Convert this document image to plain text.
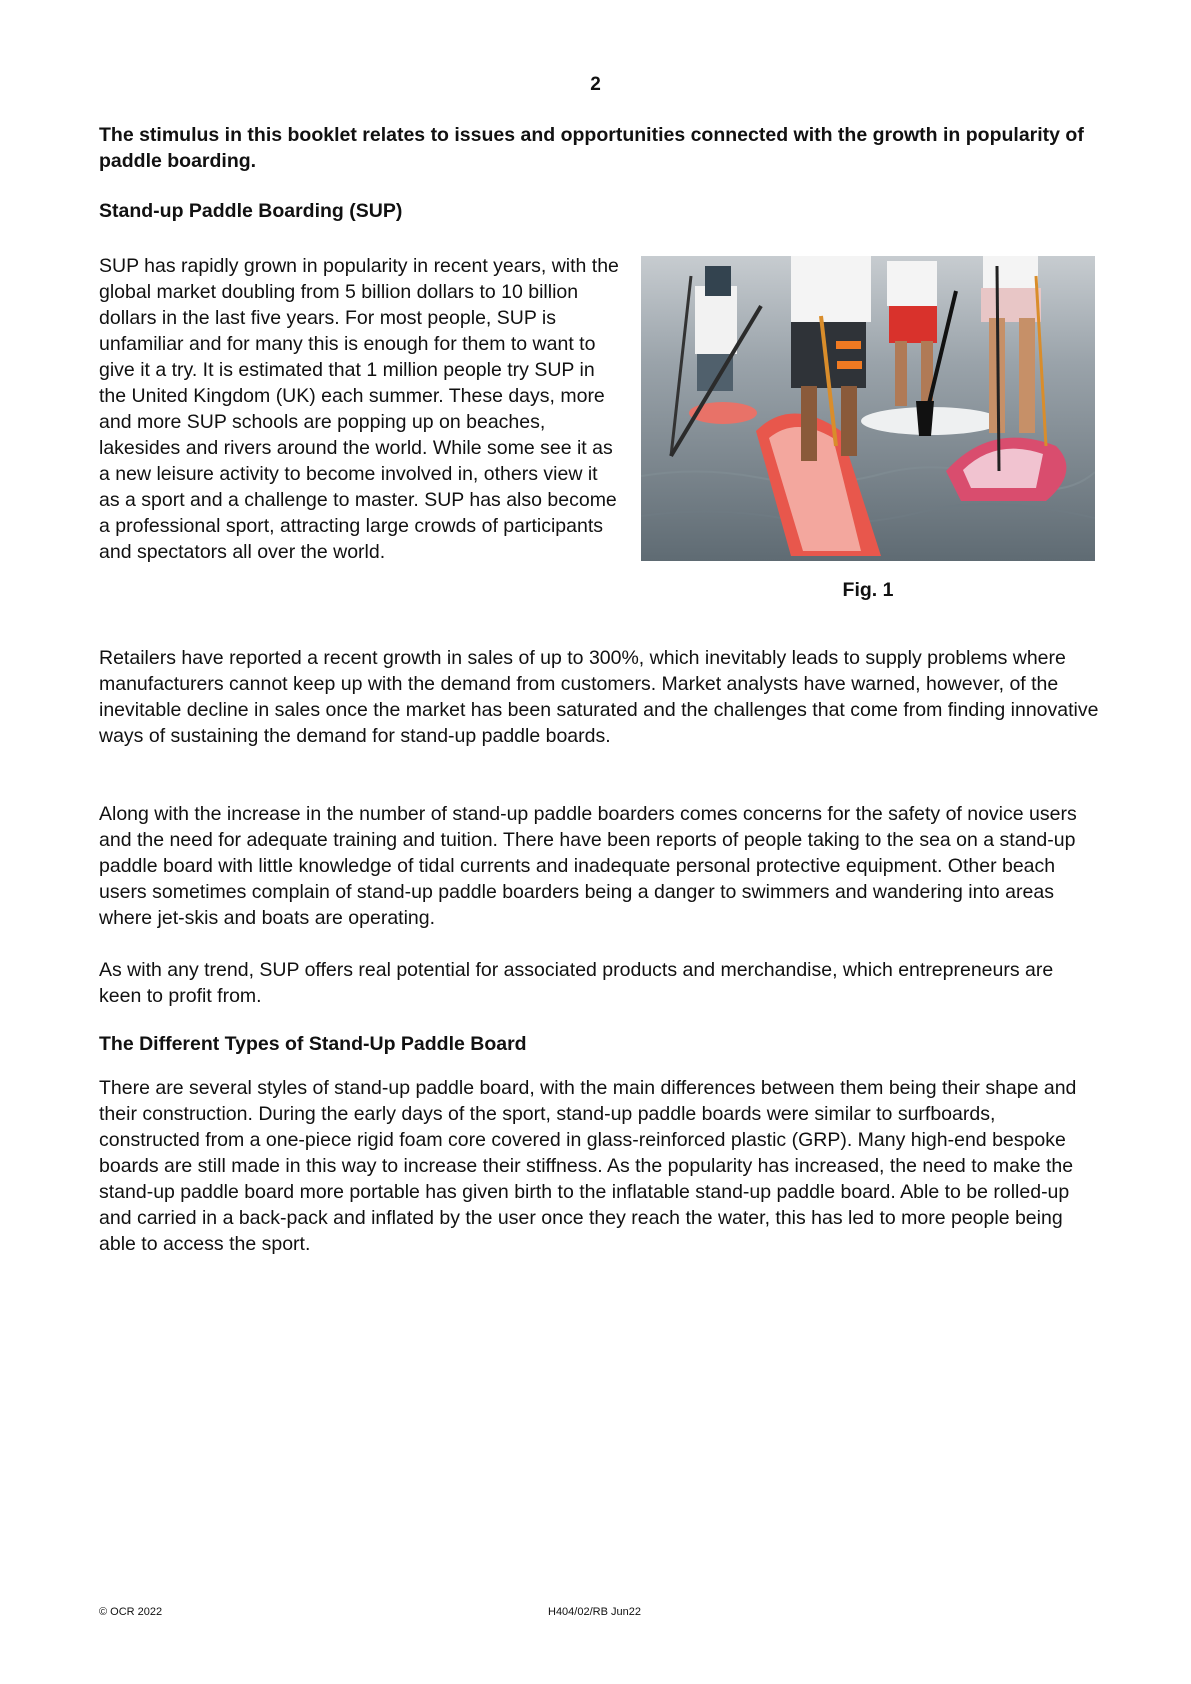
2

The stimulus in this booklet relates to issues and opportunities connected with the growth in popularity of paddle boarding.

Stand-up Paddle Boarding (SUP)

SUP has rapidly grown in popularity in recent years, with the global market doubling from 5 billion dollars to 10 billion dollars in the last five years. For most people, SUP is unfamiliar and for many this is enough for them to want to give it a try. It is estimated that 1 million people try SUP in the United Kingdom (UK) each summer. These days, more and more SUP schools are popping up on beaches, lakesides and rivers around the world. While some see it as a new leisure activity to become involved in, others view it as a sport and a challenge to master. SUP has also become a professional sport, attracting large crowds of participants and spectators all over the world.

Fig. 1

Retailers have reported a recent growth in sales of up to 300%, which inevitably leads to supply problems where manufacturers cannot keep up with the demand from customers. Market analysts have warned, however, of the inevitable decline in sales once the market has been saturated and the challenges that come from finding innovative ways of sustaining the demand for stand-up paddle boards.

Along with the increase in the number of stand-up paddle boarders comes concerns for the safety of novice users and the need for adequate training and tuition. There have been reports of people taking to the sea on a stand-up paddle board with little knowledge of tidal currents and inadequate personal protective equipment. Other beach users sometimes complain of stand-up paddle boarders being a danger to swimmers and wandering into areas where jet-skis and boats are operating.

As with any trend, SUP offers real potential for associated products and merchandise, which entrepreneurs are keen to profit from.

The Different Types of Stand-Up Paddle Board

There are several styles of stand-up paddle board, with the main differences between them being their shape and their construction. During the early days of the sport, stand-up paddle boards were similar to surfboards, constructed from a one-piece rigid foam core covered in glass-reinforced plastic (GRP). Many high-end bespoke boards are still made in this way to increase their stiffness. As the popularity has increased, the need to make the stand-up paddle board more portable has given birth to the inflatable stand-up paddle board. Able to be rolled-up and carried in a back-pack and inflated by the user once they reach the water, this has led to more people being able to access the sport.

© OCR 2022	H404/02/RB Jun22
